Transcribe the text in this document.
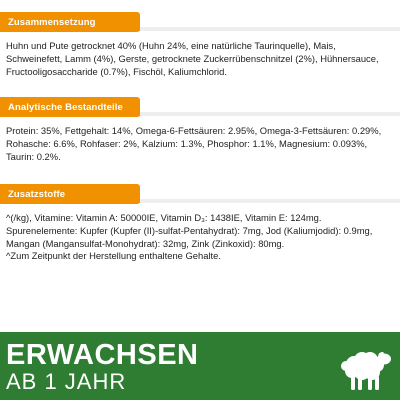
Zusammensetzung

Huhn und Pute getrocknet 40% (Huhn 24%, eine natürliche Taurinquelle), Mais, Schweinefett, Lamm (4%), Gerste, getrocknete Zuckerrübenschnitzel (2%), Hühnersauce, Fructooligosaccharide (0.7%), Fischöl, Kaliumchlorid.

Analytische Bestandteile

Protein: 35%, Fettgehalt: 14%, Omega-6-Fettsäuren: 2.95%, Omega-3-Fettsäuren: 0.29%, Rohasche: 6.6%, Rohfaser: 2%, Kalzium: 1.3%, Phosphor: 1.1%, Magnesium: 0.093%, Taurin: 0.2%.

Zusatzstoffe

^(/kg), Vitamine: Vitamin A: 50000IE, Vitamin D₃: 1438IE, Vitamin E: 124mg.

Spurenelemente: Kupfer (Kupfer (II)-sulfat-Pentahydrat): 7mg, Jod (Kaliumjodid): 0.9mg, Mangan (Mangansulfat-Monohydrat): 32mg, Zink (Zinkoxid): 80mg.

^Zum Zeitpunkt der Herstellung enthaltene Gehalte.

ERWACHSEN
AB 1 JAHR
